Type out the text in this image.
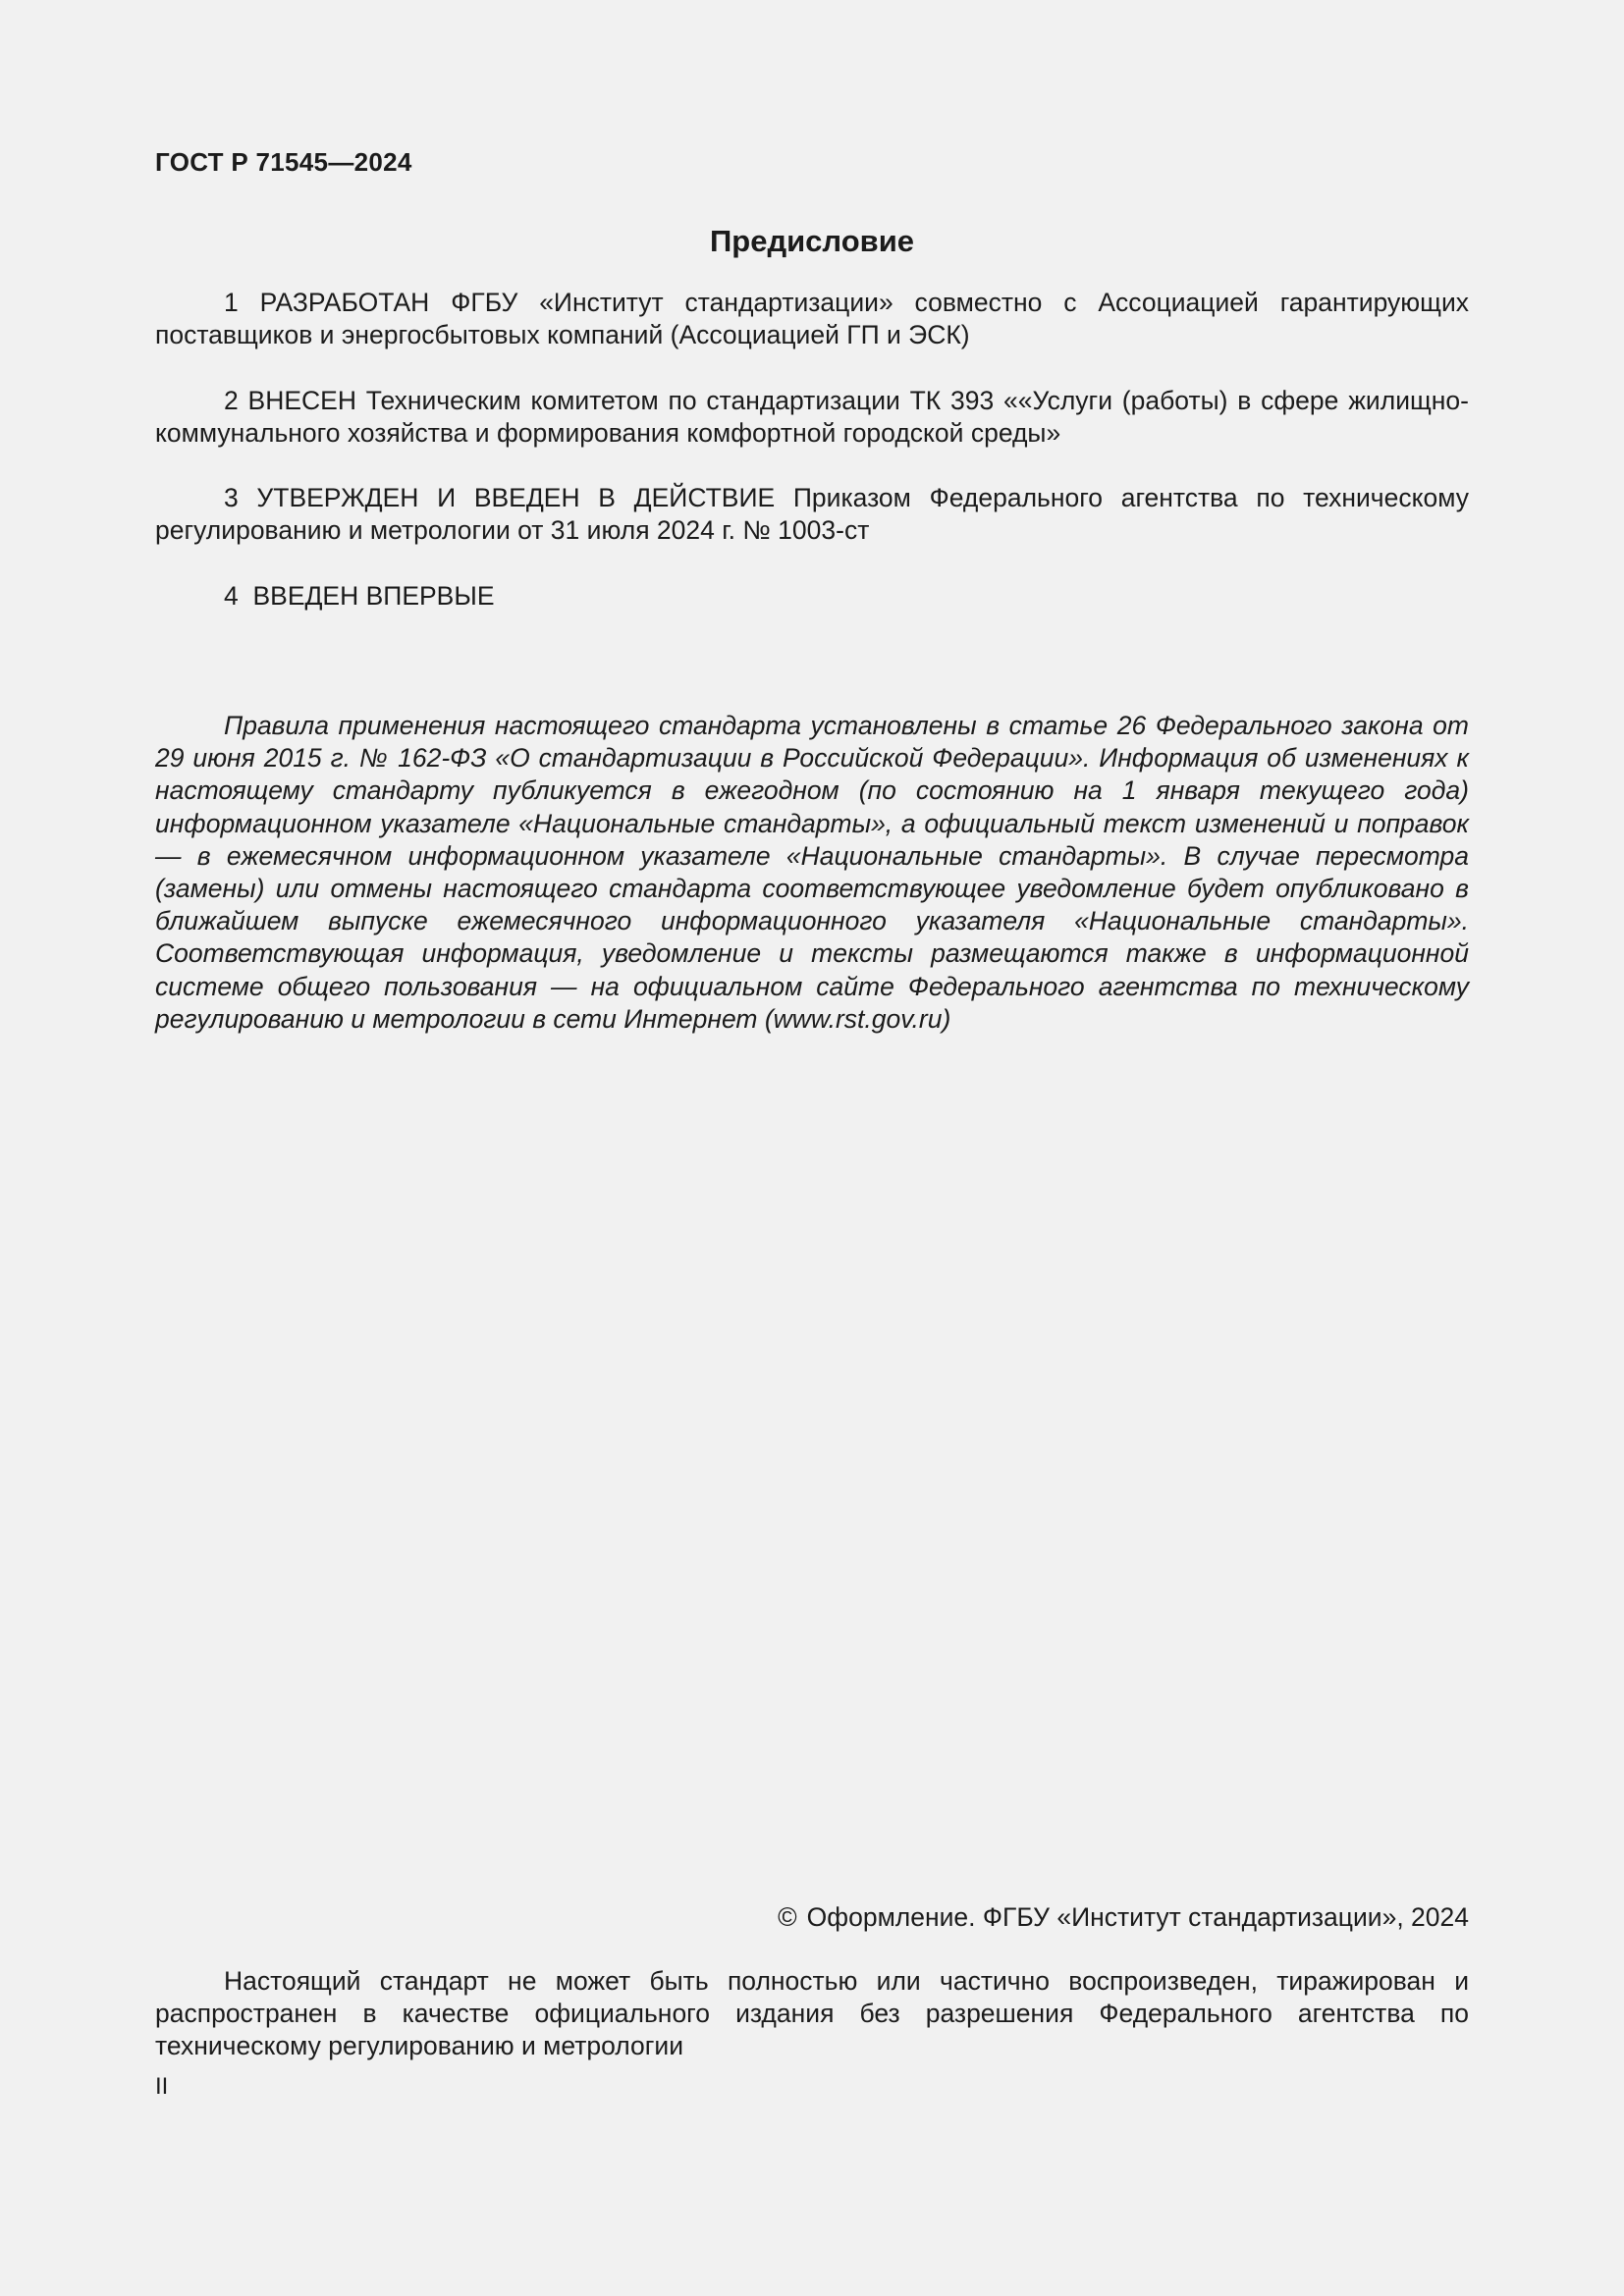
ГОСТ Р 71545—2024
Предисловие

1 РАЗРАБОТАН ФГБУ «Институт стандартизации» совместно с Ассоциацией гарантирующих поставщиков и энергосбытовых компаний (Ассоциацией ГП и ЭСК)

2 ВНЕСЕН Техническим комитетом по стандартизации ТК 393 ««Услуги (работы) в сфере жилищно-коммунального хозяйства и формирования комфортной городской среды»

3 УТВЕРЖДЕН И ВВЕДЕН В ДЕЙСТВИЕ Приказом Федерального агентства по техническому регулированию и метрологии от 31 июля 2024 г. № 1003-ст

4  ВВЕДЕН ВПЕРВЫЕ

Правила применения настоящего стандарта установлены в статье 26 Федерального закона от 29 июня 2015 г. № 162-ФЗ «О стандартизации в Российской Федерации». Информация об изменениях к настоящему стандарту публикуется в ежегодном (по состоянию на 1 января текущего года) информационном указателе «Национальные стандарты», а официальный текст изменений и поправок — в ежемесячном информационном указателе «Национальные стандарты». В случае пересмотра (замены) или отмены настоящего стандарта соответствующее уведомление будет опубликовано в ближайшем выпуске ежемесячного информационного указателя «Национальные стандарты». Соответствующая информация, уведомление и тексты размещаются также в информационной системе общего пользования — на официальном сайте Федерального агентства по техническому регулированию и метрологии в сети Интернет (www.rst.gov.ru)

© Оформление. ФГБУ «Институт стандартизации», 2024

Настоящий стандарт не может быть полностью или частично воспроизведен, тиражирован и распространен в качестве официального издания без разрешения Федерального агентства по техническому регулированию и метрологии

II
